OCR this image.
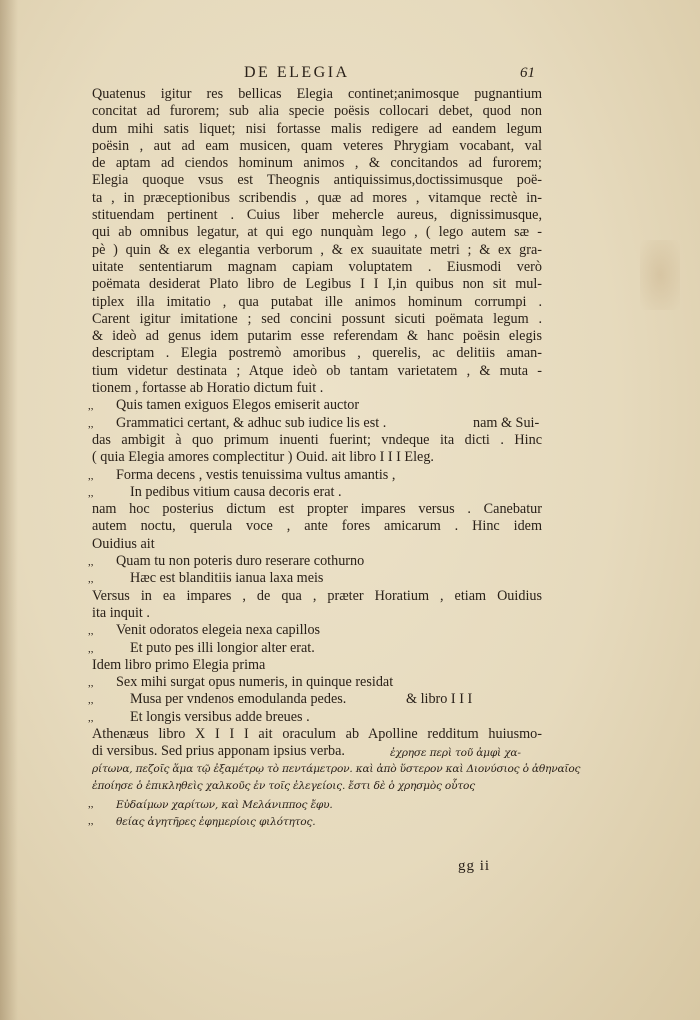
DE ELEGIA	61
Quatenus igitur res bellicas Elegia continet;animosque pugnantium
concitat ad furorem; sub alia specie poësis collocari debet, quod non
dum mihi satis liquet; nisi fortasse malis redigere ad eandem legum
poësin , aut ad eam musicen, quam veteres Phrygiam vocabant, val
de aptam ad ciendos hominum animos , & concitandos ad furorem;
Elegia quoque vsus est Theognis antiquissimus,doctissimusque poë-
ta , in præceptionibus scribendis , quæ ad mores , vitamque rectè in-
stituendam pertinent . Cuius liber mehercle aureus, dignissimusque,
qui ab omnibus legatur, at qui ego nunquàm lego , ( lego autem sæ -
pè ) quin & ex elegantia verborum , & ex suauitate metri ; & ex gra-
uitate sententiarum magnam capiam voluptatem . Eiusmodi verò
poëmata desiderat Plato libro de Legibus I I I,in quibus non sit mul-
tiplex illa imitatio , qua putabat ille animos hominum corrumpi .
Carent igitur imitatione ; sed concini possunt sicuti poëmata legum .
& ideò ad genus idem putarim esse referendam & hanc poësin elegis
descriptam . Elegia postremò amoribus , querelis, ac delitiis aman-
tium videtur destinata ; Atque ideò ob tantam varietatem , & muta -
tionem , fortasse ab Horatio dictum fuit .
,, Quis tamen exiguos Elegos emiserit auctor
,, Grammatici certant, & adhuc sub iudice lis est .	nam & Sui-
das ambigit à quo primum inuenti fuerint; vndeque ita dicti . Hinc
( quia Elegia amores complectitur ) Ouid. ait libro I I I Eleg.
,, Forma decens , vestis tenuissima vultus amantis ,
,,	In pedibus vitium causa decoris erat .
nam hoc posterius dictum est propter impares versus . Canebatur
autem noctu, querula voce , ante fores amicarum . Hinc idem
Ouidius ait
,, Quam tu non poteris duro reserare cothurno
,,	Hæc est blanditiis ianua laxa meis
Versus in ea impares , de qua , præter Horatium , etiam Ouidius
ita inquit .
,, Venit odoratos elegeia nexa capillos
,,	Et puto pes illi longior alter erat.
Idem libro primo Elegia prima
,, Sex mihi surgat opus numeris, in quinque residat
,,	Musa per vndenos emodulanda pedes.	& libro I I I
,,	Et longis versibus adde breues .
Athenæus libro X I I I ait oraculum ab Apolline redditum huiusmo-
di versibus. Sed prius apponam ipsius verba.	ἐχρησε περὶ τοῦ ἀμφὶ χα-
ρίτωνα, πεζοῖς ἅμα τῷ ἐξαμέτρῳ τὸ πεντάμετρον. καὶ ἀπὸ ὕστερον καὶ Διονύσιος ὁ ἀθηναῖος
ἐποίησε ὁ ἐπικληθεὶς χαλκοῦς ἐν τοῖς ἐλεγείοις. ἔστι δὲ ὁ χρησμὸς οὗτος
,, Εὐδαίμων χαρίτων, καὶ Μελάνιππος ἔφυ.
,, θείας ἀγητῆρες ἐφημερίοις φιλότητος.
gg ii
